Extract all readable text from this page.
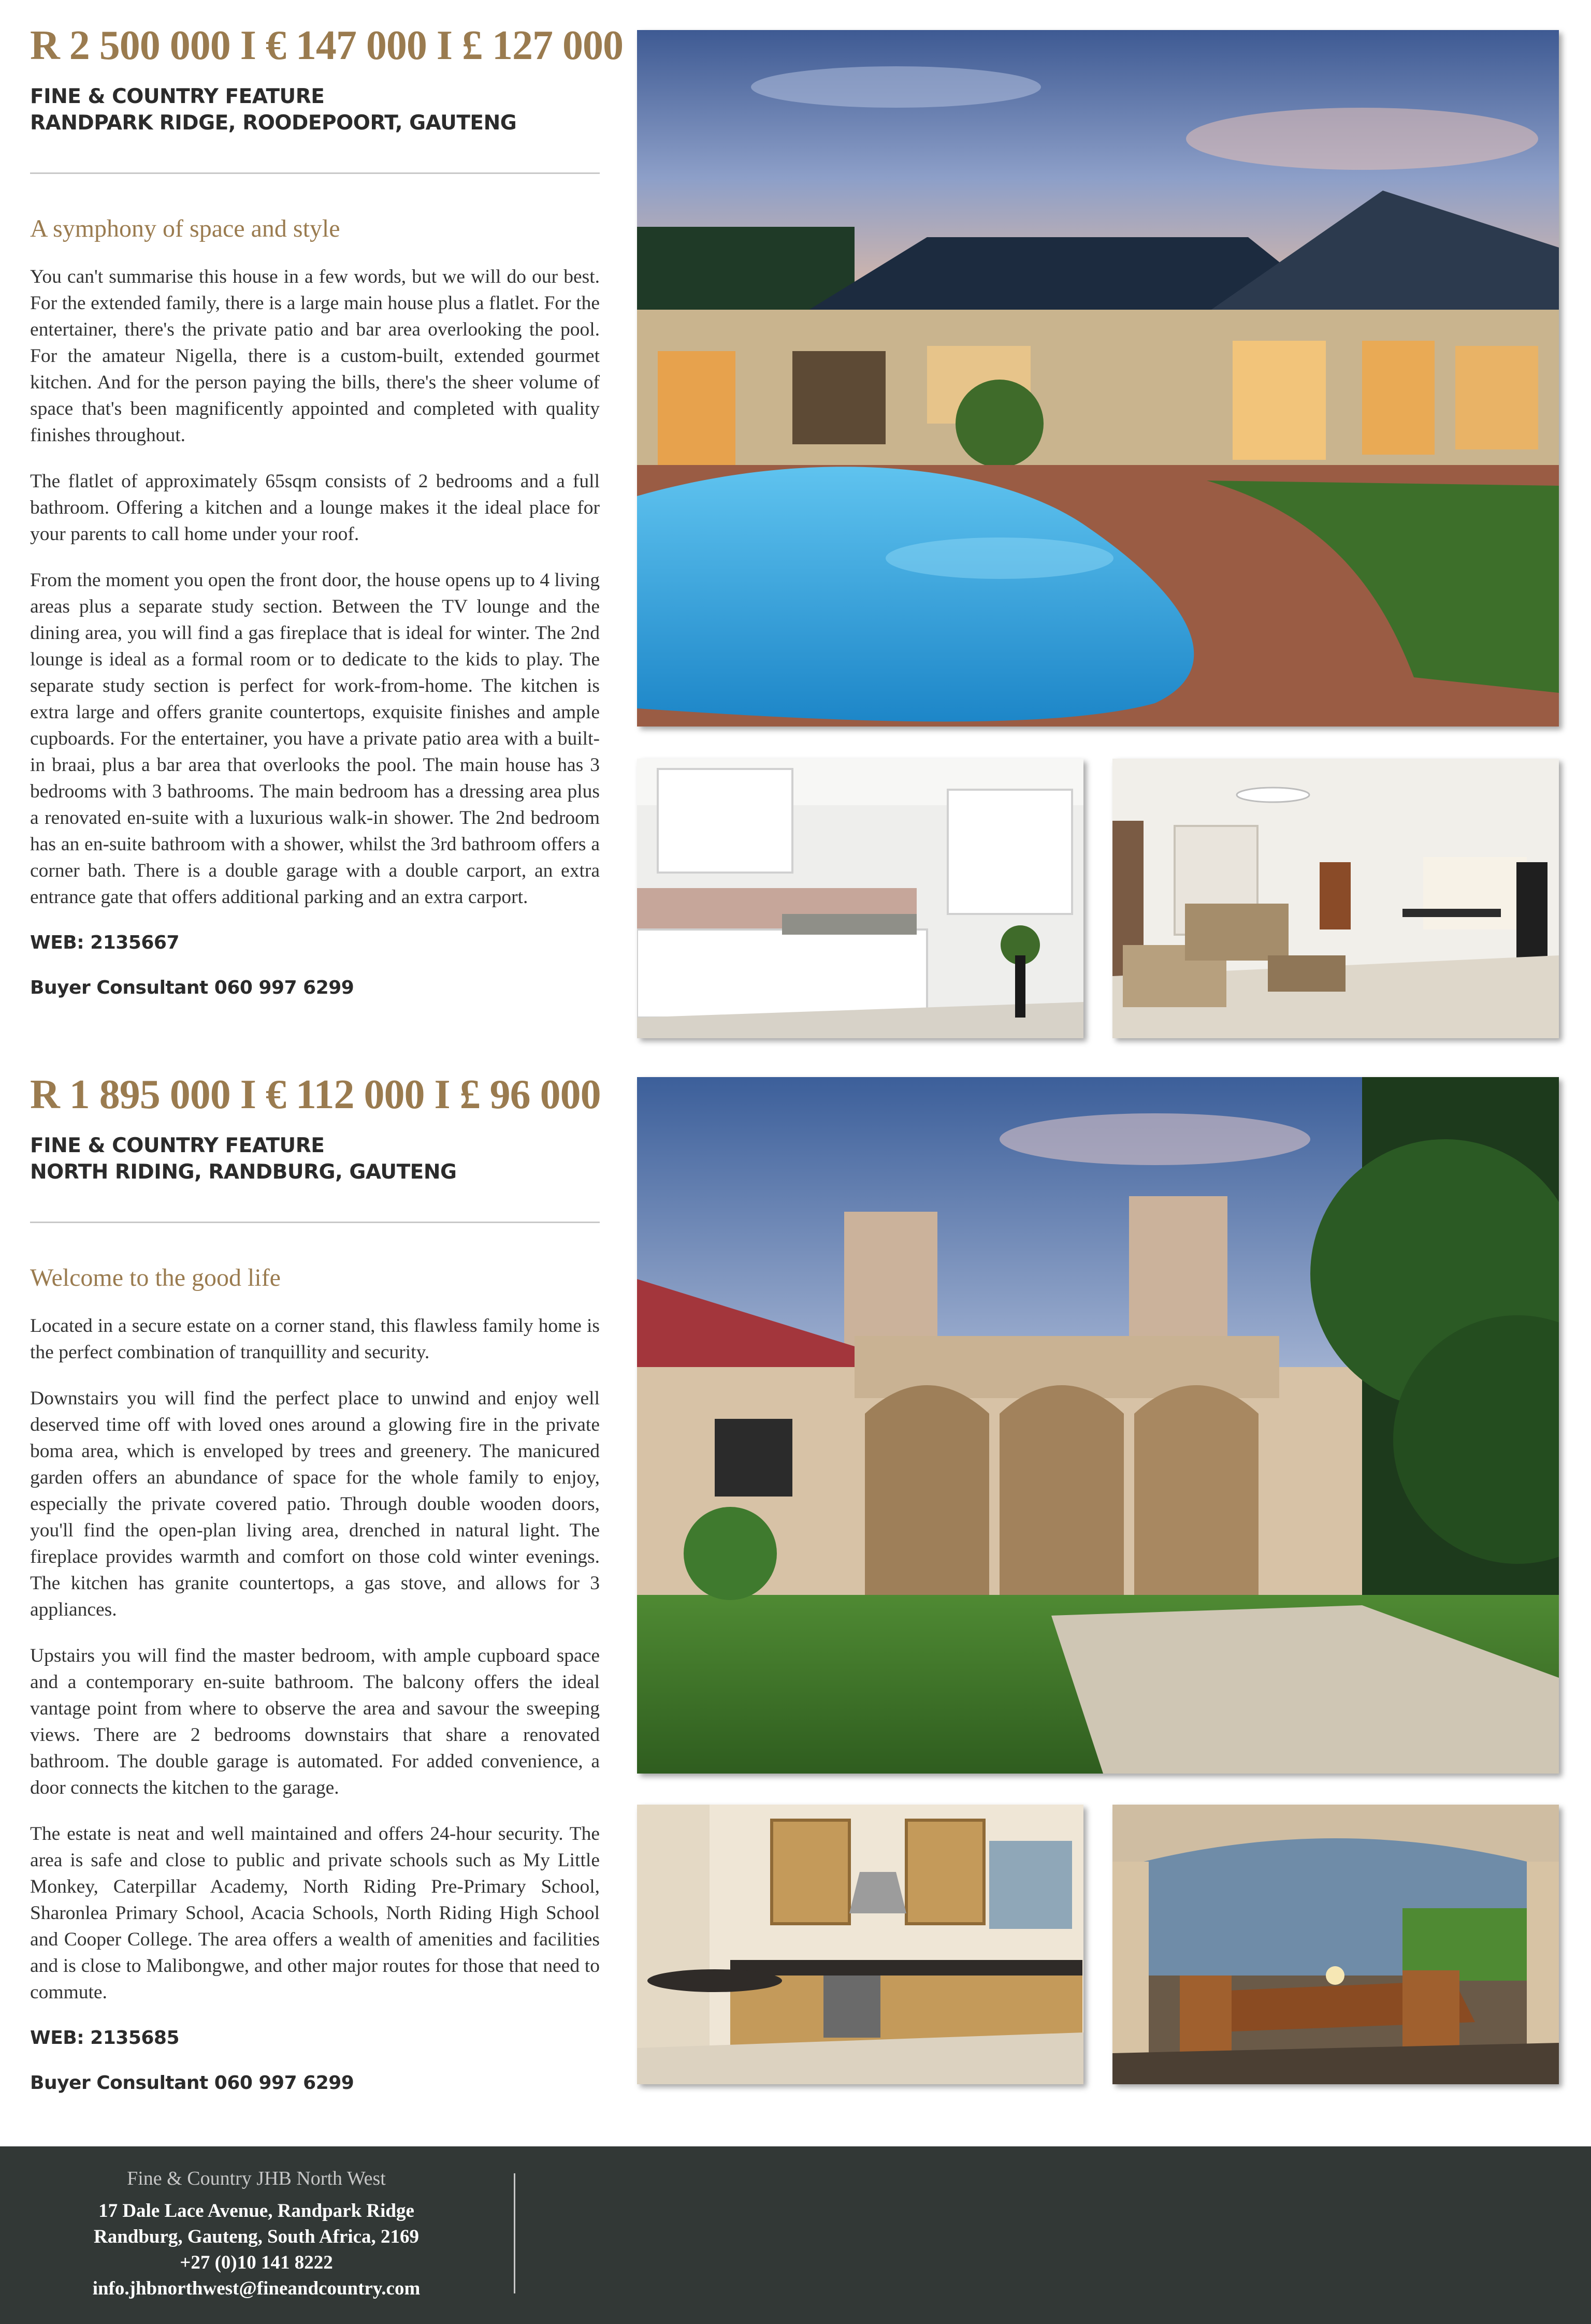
R 2 500 000 I € 147 000 I £ 127 000
FINE & COUNTRY FEATURE
RANDPARK RIDGE, ROODEPOORT, GAUTENG
A symphony of space and style

You can't summarise this house in a few words, but we will do our best. For the extended family, there is a large main house plus a flatlet. For the entertainer, there's the private patio and bar area overlooking the pool. For the amateur Nigella, there is a custom-built, extended gourmet kitchen. And for the person paying the bills, there's the sheer volume of space that's been magnificently appointed and completed with quality finishes throughout.

The flatlet of approximately 65sqm consists of 2 bedrooms and a full bathroom. Offering a kitchen and a lounge makes it the ideal place for your parents to call home under your roof.

From the moment you open the front door, the house opens up to 4 living areas plus a separate study section. Between the TV lounge and the dining area, you will find a gas fireplace that is ideal for winter. The 2nd lounge is ideal as a formal room or to dedicate to the kids to play. The separate study section is perfect for work-from-home. The kitchen is extra large and offers granite countertops, exquisite finishes and ample cupboards. For the entertainer, you have a private patio area with a built-in braai, plus a bar area that overlooks the pool. The main house has 3 bedrooms with 3 bathrooms. The main bedroom has a dressing area plus a renovated en-suite with a luxurious walk-in shower. The 2nd bedroom has an en-suite bathroom with a shower, whilst the 3rd bathroom offers a corner bath. There is a double garage with a double carport, an extra entrance gate that offers additional parking and an extra carport.

WEB: 2135667
Buyer Consultant 060 997 6299
R 1 895 000 I € 112 000 I £ 96 000
FINE & COUNTRY FEATURE
NORTH RIDING, RANDBURG, GAUTENG
Welcome to the good life

Located in a secure estate on a corner stand, this flawless family home is the perfect combination of tranquillity and security.

Downstairs you will find the perfect place to unwind and enjoy well deserved time off with loved ones around a glowing fire in the private boma area, which is enveloped by trees and greenery. The manicured garden offers an abundance of space for the whole family to enjoy, especially the private covered patio. Through double wooden doors, you'll find the open-plan living area, drenched in natural light. The fireplace provides warmth and comfort on those cold winter evenings. The kitchen has granite countertops, a gas stove, and allows for 3 appliances.

Upstairs you will find the master bedroom, with ample cupboard space and a contemporary en-suite bathroom. The balcony offers the ideal vantage point from where to observe the area and savour the sweeping views. There are 2 bedrooms downstairs that share a renovated bathroom. The double garage is automated. For added convenience, a door connects the kitchen to the garage.

The estate is neat and well maintained and offers 24-hour security. The area is safe and close to public and private schools such as My Little Monkey, Caterpillar Academy, North Riding Pre-Primary School, Sharonlea Primary School, Acacia Schools, North Riding High School and Cooper College. The area offers a wealth of amenities and facilities and is close to Malibongwe, and other major routes for those that need to commute.

WEB: 2135685
Buyer Consultant 060 997 6299
Fine & Country JHB North West
17 Dale Lace Avenue, Randpark Ridge
Randburg, Gauteng, South Africa, 2169
+27 (0)10 141 8222
info.jhbnorthwest@fineandcountry.com
